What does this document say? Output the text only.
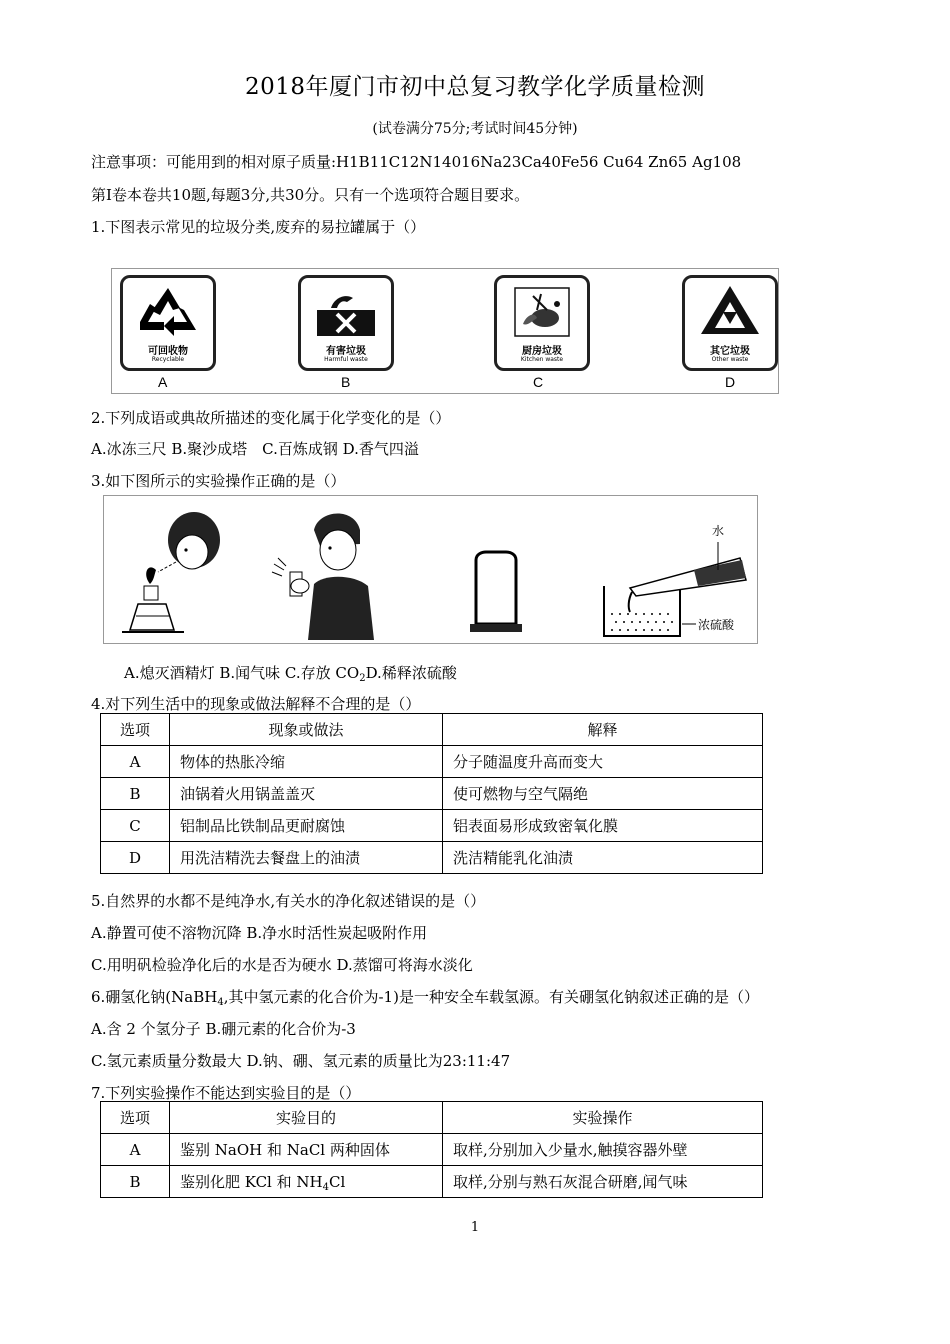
2018年厦门市初中总复习教学化学质量检测
(试卷满分75分;考试时间45分钟)
注意事项：可能用到的相对原子质量:H1B11C12N14016Na23Ca40Fe56 Cu64 Zn65 Ag108
第I卷本卷共10题,每题3分,共30分。只有一个选项符合题目要求。
1.下图表示常见的垃圾分类,废弃的易拉罐属于（）
可回收物
Recyclable
A
有害垃圾
Harmful waste
B
厨房垃圾
Kitchen waste
C
其它垃圾
Other waste
D
2.下列成语或典故所描述的变化属于化学变化的是（）
A.冰冻三尺 B.聚沙成塔　C.百炼成钢 D.香气四溢
3.如下图所示的实验操作正确的是（）
水
浓硫酸
A.熄灭酒精灯 B.闻气味 C.存放 $CO_2D$.稀释浓硫酸
4.对下列生活中的现象或做法解释不合理的是（）
选项	现象或做法	解释
A	物体的热胀冷缩	分子随温度升高而变大
B	油锅着火用锅盖盖灭	使可燃物与空气隔绝
C	铝制品比铁制品更耐腐蚀	铝表面易形成致密氧化膜
D	用洗洁精洗去餐盘上的油渍	洗洁精能乳化油渍
5.自然界的水都不是纯净水,有关水的净化叙述错误的是（）
A.静置可使不溶物沉降 B.净水时活性炭起吸附作用
C.用明矾检验净化后的水是否为硬水 D.蒸馏可将海水淡化
6.硼氢化钠(NaBH$_4$,其中氢元素的化合价为-1)是一种安全车载氢源。有关硼氢化钠叙述正确的是（）
A.含 2 个氢分子 B.硼元素的化合价为-3
C.氢元素质量分数最大 D.钠、硼、氢元素的质量比为23:11:47
7.下列实验操作不能达到实验目的是（）
选项	实验目的	实验操作
A	鉴别 NaOH 和 NaCl 两种固体	取样,分别加入少量水,触摸容器外壁
B	鉴别化肥 KCl 和 $NH_4Cl$	取样,分别与熟石灰混合研磨,闻气味
1
